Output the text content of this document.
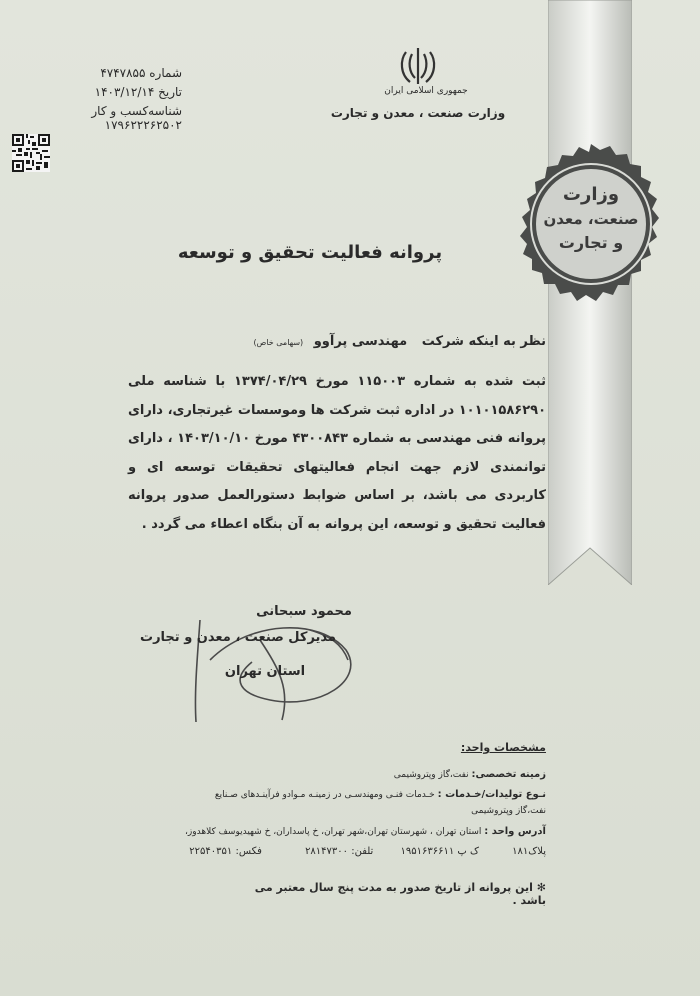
وزارت
صنعت، معدن
و تجارت
جمهوری اسلامی ایران
وزارت صنعت ، معدن و تجارت
شماره ۴۷۴۷۸۵۵
تاریخ ۱۴۰۳/۱۲/۱۴
شناسه‌کسب و کار ۱۷۹۶۲۲۲۶۲۵۰۲
پروانه فعالیت تحقیق و توسعه
نظر به اینکه شرکت مهندسی پرآوو (سهامی خاص)
ثبت شده به شماره ۱۱۵۰۰۳ مورخ ۱۳۷۴/۰۴/۲۹ با شناسه ملی ۱۰۱۰۱۵۸۶۲۹۰ در اداره ثبت شرکت ها وموسسات غیرتجاری، دارای پروانه فنی مهندسی به شماره ۴۳۰۰۸۴۳ مورخ ۱۴۰۳/۱۰/۱۰ ، دارای توانمندی لازم جهت انجام فعالیتهای تحقیقات توسعه ای و کاربردی می باشد، بر اساس ضوابط دستورالعمل صدور پروانه فعالیت تحقیق و توسعه، این پروانه به آن بنگاه اعطاء می گردد .
محمود سبحانی
مدیرکل صنعت ، معدن و تجارت
استان تهران
مشخصات واحد:
زمینه تخصصی: نفت،گاز وپتروشیمی
نـوع تولیدات/خـدمات : خـدمات فنـی ومهندسـی در زمینـه مـوادو فرآینـدهای صـنایع
نفت،گاز وپتروشیمی
آدرس واحد : استان تهران ، شهرستان تهران،شهر تهران، خ پاسداران، خ شهیدیوسف کلاهدوز،
پلاک۱۸۱ ک پ ۱۹۵۱۶۳۶۶۱۱ تلفن: ۲۸۱۴۷۳۰۰ فکس: ۲۲۵۴۰۳۵۱
✻ این پروانه از تاریخ صدور به مدت پنج سال معتبر می باشد .
